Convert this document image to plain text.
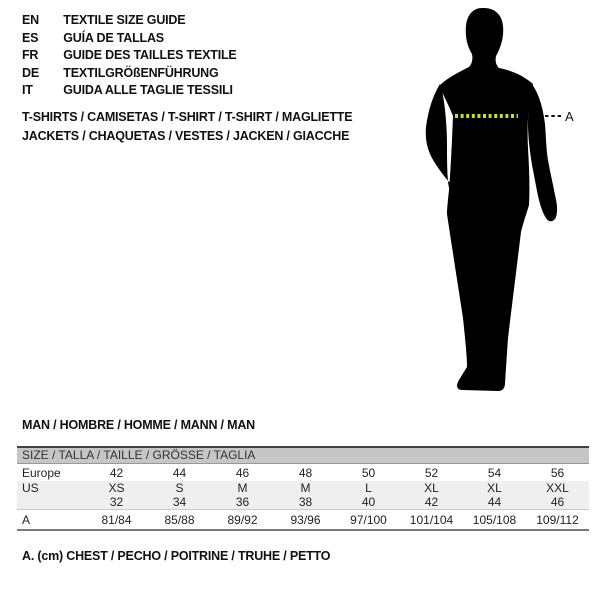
EN TEXTILE SIZE GUIDE
ES GUÍA DE TALLAS
FR GUIDE DES TAILLES TEXTILE
DE TEXTILGRÖßENFÜHRUNG
IT GUIDA ALLE TAGLIE TESSILI
T-SHIRTS / CAMISETAS / T-SHIRT / T-SHIRT / MAGLIETTE
JACKETS / CHAQUETAS / VESTES / JACKEN / GIACCHE
A
MAN / HOMBRE / HOMME / MANN / MAN
SIZE / TALLA / TAILLE / GRÖSSE / TAGLIA
Europe	42	44	46	48	50	52	54	56
US	XS	S	M	M	L	XL	XL	XXL
32	34	36	38	40	42	44	46
A	81/84	85/88	89/92	93/96	97/100	101/104	105/108	109/112
A. (cm) CHEST / PECHO / POITRINE / TRUHE / PETTO
